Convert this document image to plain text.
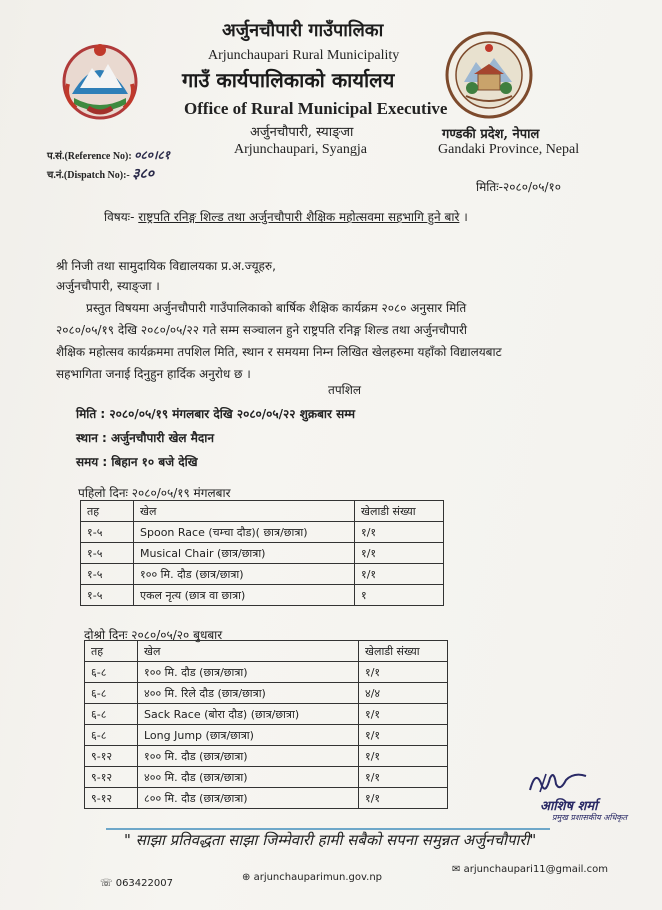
अर्जुनचौपारी गाउँपालिका
Arjunchaupari Rural Municipality
गाउँ कार्यपालिकाको कार्यालय
Office of Rural Municipal Executive
अर्जुनचौपारी, स्याङ्जा
Arjunchaupari, Syangja
गण्डकी प्रदेश, नेपाल
Gandaki Province, Nepal
प.सं.(Reference No): ०८०।८१
च.नं.(Dispatch No):- ३८०
मितिः-२०८०/०५/१०
विषयः- राष्ट्रपति रनिङ्ग शिल्ड तथा अर्जुनचौपारी शैक्षिक महोत्सवमा सहभागि हुने बारे ।
श्री निजी तथा सामुदायिक विद्यालयका प्र.अ.ज्यूहरु,
अर्जुनचौपारी, स्याङ्जा ।
प्रस्तुत विषयमा अर्जुनचौपारी गाउँपालिकाको बार्षिक शैक्षिक कार्यक्रम २०८० अनुसार मिति
२०८०/०५/१९ देखि २०८०/०५/२२ गते सम्म सञ्चालन हुने राष्ट्रपति रनिङ्ग शिल्ड तथा अर्जुनचौपारी
शैक्षिक महोत्सव कार्यक्रममा तपशिल मिति, स्थान र समयमा निम्न लिखित खेलहरुमा यहाँको विद्यालयबाट
सहभागिता जनाई दिनुहुन हार्दिक अनुरोध छ ।
तपशिल
मिति : २०८०/०५/१९ मंगलबार देखि २०८०/०५/२२ शुक्रबार सम्म
स्थान : अर्जुनचौपारी खेल मैदान
समय : बिहान १० बजे देखि
पहिलो दिनः २०८०/०५/१९ मंगलबार
तह	खेल	खेलाडी संख्या
१-५	Spoon Race (चम्चा दौड)( छात्र/छात्रा)	१/१
१-५	Musical Chair (छात्र/छात्रा)	१/१
१-५	१०० मि. दौड (छात्र/छात्रा)	१/१
१-५	एकल नृत्य (छात्र वा छात्रा)	१
दोश्रो दिनः २०८०/०५/२० बुधबार
तह	खेल	खेलाडी संख्या
६-८	१०० मि. दौड (छात्र/छात्रा)	१/१
६-८	४०० मि. रिले दौड (छात्र/छात्रा)	४/४
६-८	Sack Race (बोरा दौड) (छात्र/छात्रा)	१/१
६-८	Long Jump (छात्र/छात्रा)	१/१
९-१२	१०० मि. दौड (छात्र/छात्रा)	१/१
९-१२	४०० मि. दौड (छात्र/छात्रा)	१/१
९-१२	८०० मि. दौड (छात्र/छात्रा)	१/१
आशिष शर्मा
प्रमुख प्रशासकीय अधिकृत
" साझा प्रतिवद्धता साझा जिम्मेवारी हामी सबैको सपना समुन्नत अर्जुनचौपारी"
☏ 063422007
⊕ arjunchauparimun.gov.np
✉ arjunchaupari11@gmail.com
